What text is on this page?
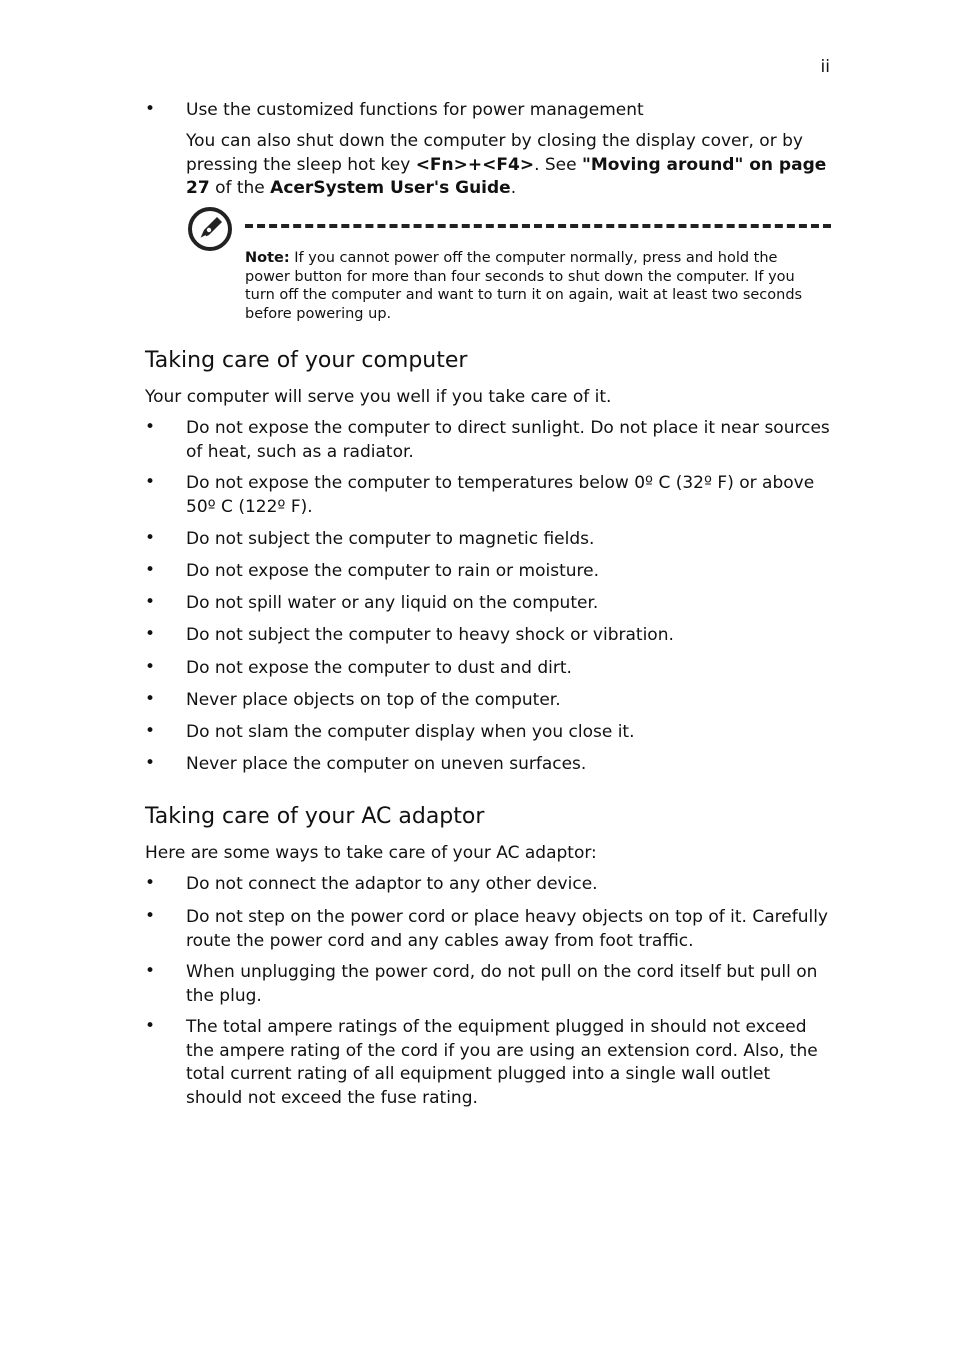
ii
• Use the customized functions for power management
You can also shut down the computer by closing the display cover, or by pressing the sleep hot key <Fn>+<F4>. See "Moving around" on page 27 of the AcerSystem User's Guide.
Note: If you cannot power off the computer normally, press and hold the power button for more than four seconds to shut down the computer. If you turn off the computer and want to turn it on again, wait at least two seconds before powering up.
Taking care of your computer
Your computer will serve you well if you take care of it.
• Do not expose the computer to direct sunlight. Do not place it near sources of heat, such as a radiator.
• Do not expose the computer to temperatures below 0º C (32º F) or above 50º C (122º F).
• Do not subject the computer to magnetic fields.
• Do not expose the computer to rain or moisture.
• Do not spill water or any liquid on the computer.
• Do not subject the computer to heavy shock or vibration.
• Do not expose the computer to dust and dirt.
• Never place objects on top of the computer.
• Do not slam the computer display when you close it.
• Never place the computer on uneven surfaces.
Taking care of your AC adaptor
Here are some ways to take care of your AC adaptor:
• Do not connect the adaptor to any other device.
• Do not step on the power cord or place heavy objects on top of it. Carefully route the power cord and any cables away from foot traffic.
• When unplugging the power cord, do not pull on the cord itself but pull on the plug.
• The total ampere ratings of the equipment plugged in should not exceed the ampere rating of the cord if you are using an extension cord. Also, the total current rating of all equipment plugged into a single wall outlet should not exceed the fuse rating.
